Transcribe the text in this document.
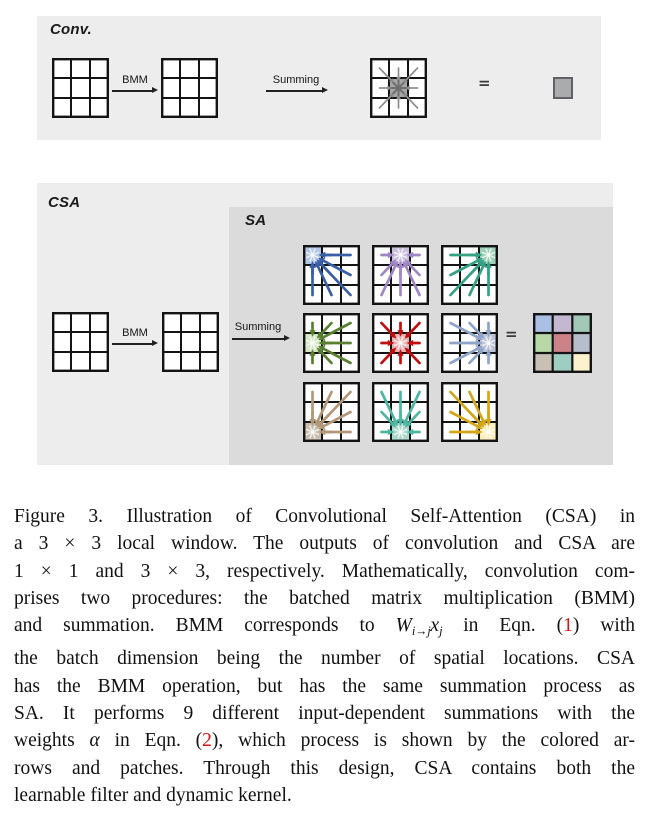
Conv.
BMM	Summing	=
CSA
BMM
SA
Summing	=
Figure 3. Illustration of Convolutional Self-Attention (CSA) in
a 3 × 3 local window. The outputs of convolution and CSA are
1 × 1 and 3 × 3, respectively. Mathematically, convolution com-
prises two procedures: the batched matrix multiplication (BMM)
and summation. BMM corresponds to $W_{i\to j}x_j$ in Eqn. (1) with
the batch dimension being the number of spatial locations. CSA
has the BMM operation, but has the same summation process as
SA. It performs 9 different input-dependent summations with the
weights α in Eqn. (2), which process is shown by the colored ar-
rows and patches. Through this design, CSA contains both the
learnable filter and dynamic kernel.
